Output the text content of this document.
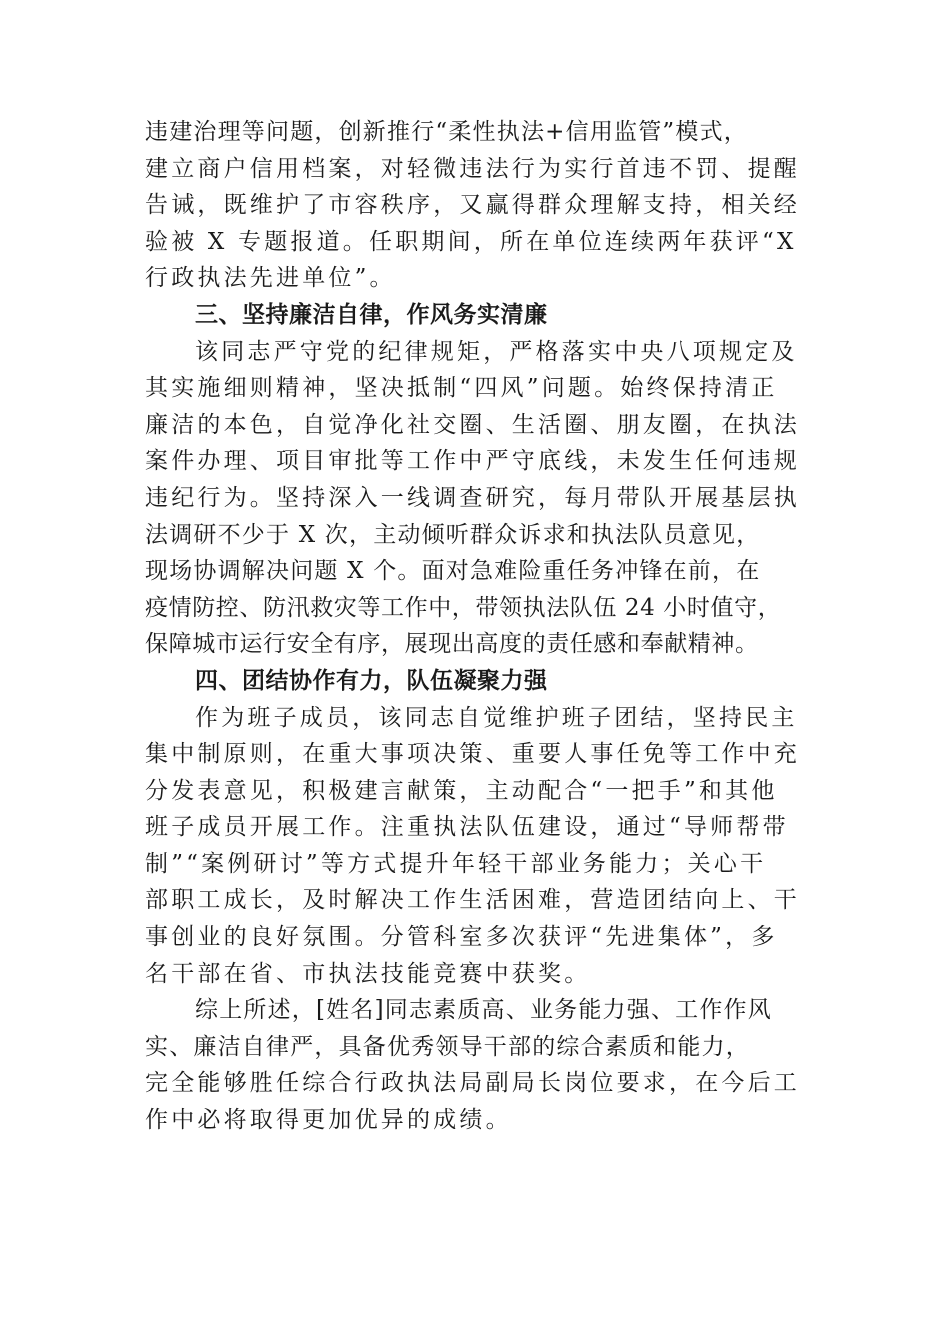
违建治理等问题，创新推行“柔性执法+信用监管”模式，
建立商户信用档案，对轻微违法行为实行首违不罚、提醒
告诫，既维护了市容秩序，又赢得群众理解支持，相关经
验被 X 专题报道。任职期间，所在单位连续两年获评“X
行政执法先进单位”。
三、坚持廉洁自律，作风务实清廉
该同志严守党的纪律规矩，严格落实中央八项规定及
其实施细则精神，坚决抵制“四风”问题。始终保持清正
廉洁的本色，自觉净化社交圈、生活圈、朋友圈，在执法
案件办理、项目审批等工作中严守底线，未发生任何违规
违纪行为。坚持深入一线调查研究，每月带队开展基层执
法调研不少于 X 次，主动倾听群众诉求和执法队员意见，
现场协调解决问题 X 个。面对急难险重任务冲锋在前，在
疫情防控、防汛救灾等工作中，带领执法队伍 24 小时值守，
保障城市运行安全有序，展现出高度的责任感和奉献精神。
四、团结协作有力，队伍凝聚力强
作为班子成员，该同志自觉维护班子团结，坚持民主
集中制原则，在重大事项决策、重要人事任免等工作中充
分发表意见，积极建言献策，主动配合“一把手”和其他
班子成员开展工作。注重执法队伍建设，通过“导师帮带
制”“案例研讨”等方式提升年轻干部业务能力；关心干
部职工成长，及时解决工作生活困难，营造团结向上、干
事创业的良好氛围。分管科室多次获评“先进集体”，多
名干部在省、市执法技能竞赛中获奖。
综上所述，[姓名]同志素质高、业务能力强、工作作风
实、廉洁自律严，具备优秀领导干部的综合素质和能力，
完全能够胜任综合行政执法局副局长岗位要求，在今后工
作中必将取得更加优异的成绩。
